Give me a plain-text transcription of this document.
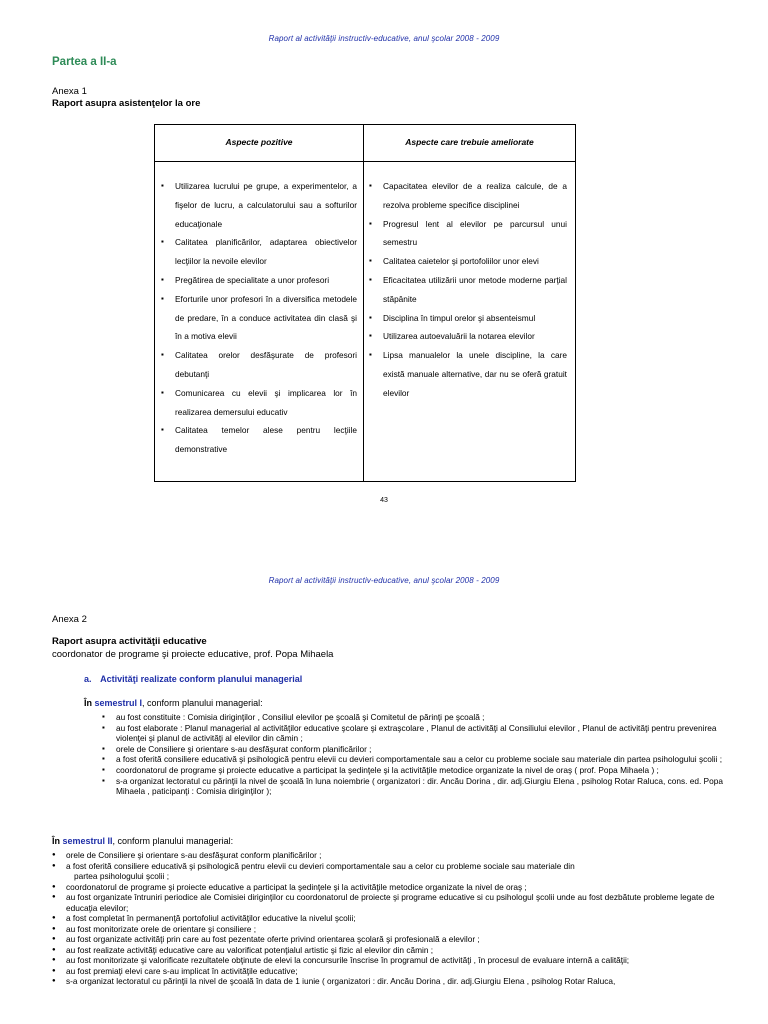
Raport al activităţii instructiv-educative, anul şcolar 2008 - 2009
Partea a II-a
Anexa 1
Raport asupra asistenţelor la ore
Aspecte pozitive	Aspecte care trebuie ameliorate
▪ Utilizarea lucrului pe grupe, a experimentelor, a fişelor de lucru, a calculatorului sau a softurilor educaţionale
▪ Calitatea planificărilor, adaptarea obiectivelor lecţiilor la nevoile elevilor
▪ Pregătirea de specialitate a unor profesori
▪ Eforturile unor profesori în a diversifica metodele de predare, în a conduce activitatea din clasă şi în a motiva elevii
▪ Calitatea orelor desfăşurate de profesori debutanţi
▪ Comunicarea cu elevii şi implicarea lor în realizarea demersului educativ
▪ Calitatea temelor alese pentru lecţiile demonstrative
▪ Capacitatea elevilor de a realiza calcule, de a rezolva probleme specifice disciplinei
▪ Progresul lent al elevilor pe parcursul unui semestru
▪ Calitatea caietelor şi portofoliilor unor elevi
▪ Eficacitatea utilizării unor metode moderne parţial stăpânite
▪ Disciplina în timpul orelor şi absenteismul
▪ Utilizarea autoevaluării la notarea elevilor
▪ Lipsa manualelor la unele discipline, la care există manuale alternative, dar nu se oferă gratuit elevilor
43
Raport al activităţii instructiv-educative, anul şcolar 2008 - 2009
Anexa 2
Raport asupra activităţii educative
coordonator de programe şi proiecte educative, prof. Popa Mihaela
a. Activităţi realizate conform planului managerial
În semestrul I, conform planului managerial:
▪ au fost constituite : Comisia diriginţilor , Consiliul elevilor pe şcoală şi Comitetul de părinţi pe şcoală ;
▪ au fost elaborate : Planul managerial al activităţilor educative şcolare şi extraşcolare , Planul de activităţi al Consiliului elevilor , Planul de activităţi pentru prevenirea violenţei şi planul de activităţi al elevilor din cămin ;
▪ orele de Consiliere şi orientare s-au desfăşurat conform planificărilor ;
▪ a fost oferită consiliere educativă şi psihologică pentru elevii cu devieri comportamentale sau a celor cu probleme sociale sau materiale din partea psihologului şcolii ;
▪ coordonatorul de programe şi proiecte educative a participat la şedinţele şi la activităţile metodice organizate la nivel de oraş ( prof. Popa Mihaela ) ;
▪ s-a organizat lectoratul cu părinţii la nivel de şcoală în luna noiembrie ( organizatori : dir. Ancău Dorina , dir. adj.Giurgiu Elena , psiholog Rotar Raluca, cons. ed. Popa Mihaela , paticipanţi : Comisia diriginţilor );
În semestrul II, conform planului managerial:
● orele de Consiliere şi orientare s-au desfăşurat conform planificărilor ;
● a fost oferită consiliere educativă şi psihologică pentru elevii cu devieri comportamentale sau a celor cu probleme sociale sau materiale din
partea psihologului şcolii ;
● coordonatorul de programe şi proiecte educative a participat la şedinţele şi la activităţile metodice organizate la nivel de oraş ;
● au fost organizate întruniri periodice ale Comisiei diriginţilor cu coordonatorul de proiecte şi programe educative si cu psihologul şcolii unde au fost dezbătute probleme legate de educaţia elevilor;
● a fost completat în permanenţă portofoliul activităţilor educative la nivelul şcolii;
● au fost monitorizate orele de orientare şi consiliere ;
● au fost organizate activităţi prin care au fost pezentate oferte privind orientarea şcolară şi profesională a elevilor ;
● au fost realizate activităţi educative care au valorificat potenţialul artistic şi fizic al elevilor din cămin ;
● au fost monitorizate şi valorificate rezultatele obţinute de elevi la concursurile înscrise în programul de activităţi , în procesul de evaluare internă a calităţii;
● au fost premiaţi elevi care s-au implicat în activităţile educative;
● s-a organizat lectoratul cu părinţii la nivel de şcoală în data de 1 iunie ( organizatori : dir. Ancău Dorina , dir. adj.Giurgiu Elena , psiholog Rotar Raluca,
